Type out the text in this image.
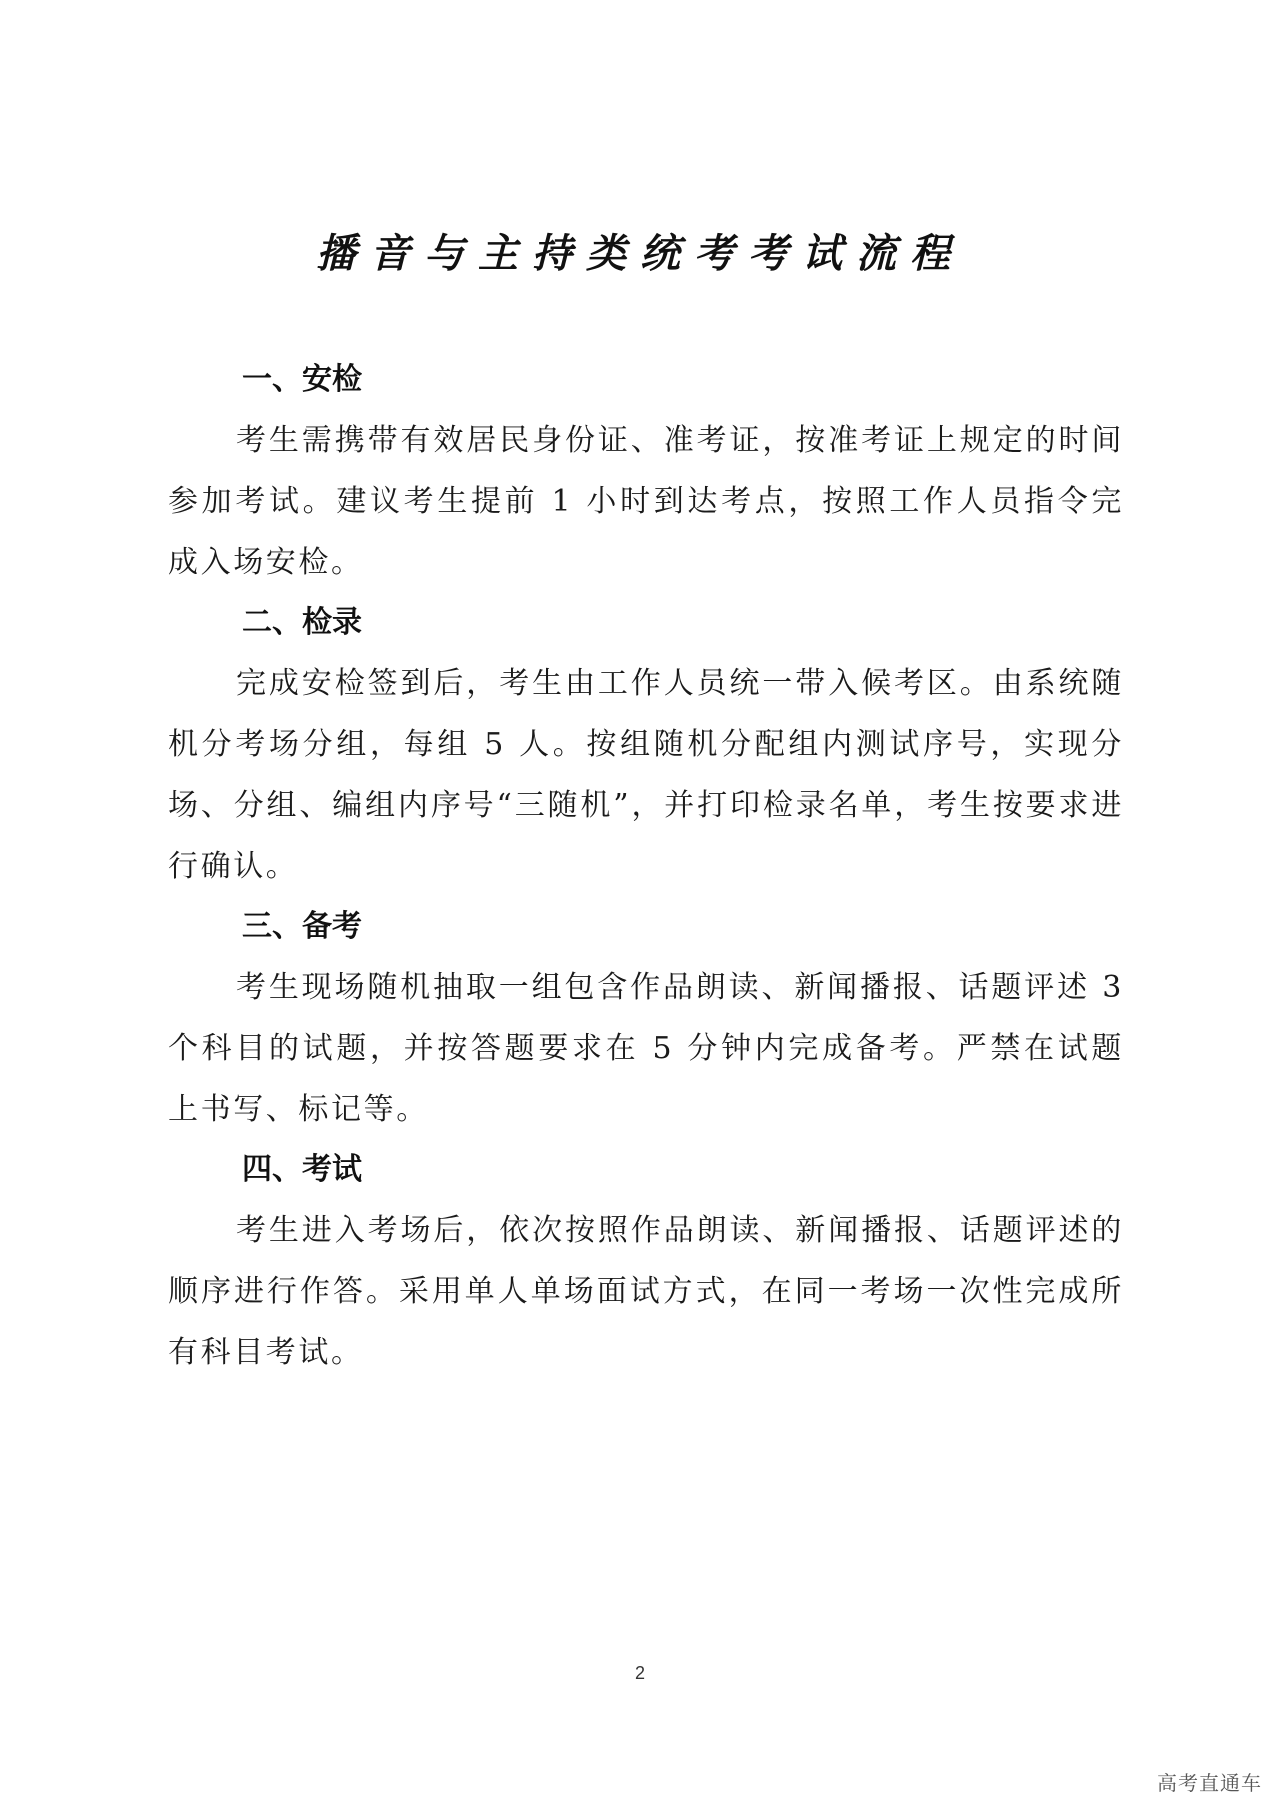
播音与主持类统考考试流程
一、安检

考生需携带有效居民身份证、准考证，按准考证上规定的时间参加考试。建议考生提前 1 小时到达考点，按照工作人员指令完成入场安检。

二、检录

完成安检签到后，考生由工作人员统一带入候考区。由系统随机分考场分组，每组 5 人。按组随机分配组内测试序号，实现分场、分组、编组内序号“三随机”，并打印检录名单，考生按要求进行确认。

三、备考

考生现场随机抽取一组包含作品朗读、新闻播报、话题评述 3 个科目的试题，并按答题要求在 5 分钟内完成备考。严禁在试题上书写、标记等。

四、考试

考生进入考场后，依次按照作品朗读、新闻播报、话题评述的顺序进行作答。采用单人单场面试方式，在同一考场一次性完成所有科目考试。

2
高考直通车
